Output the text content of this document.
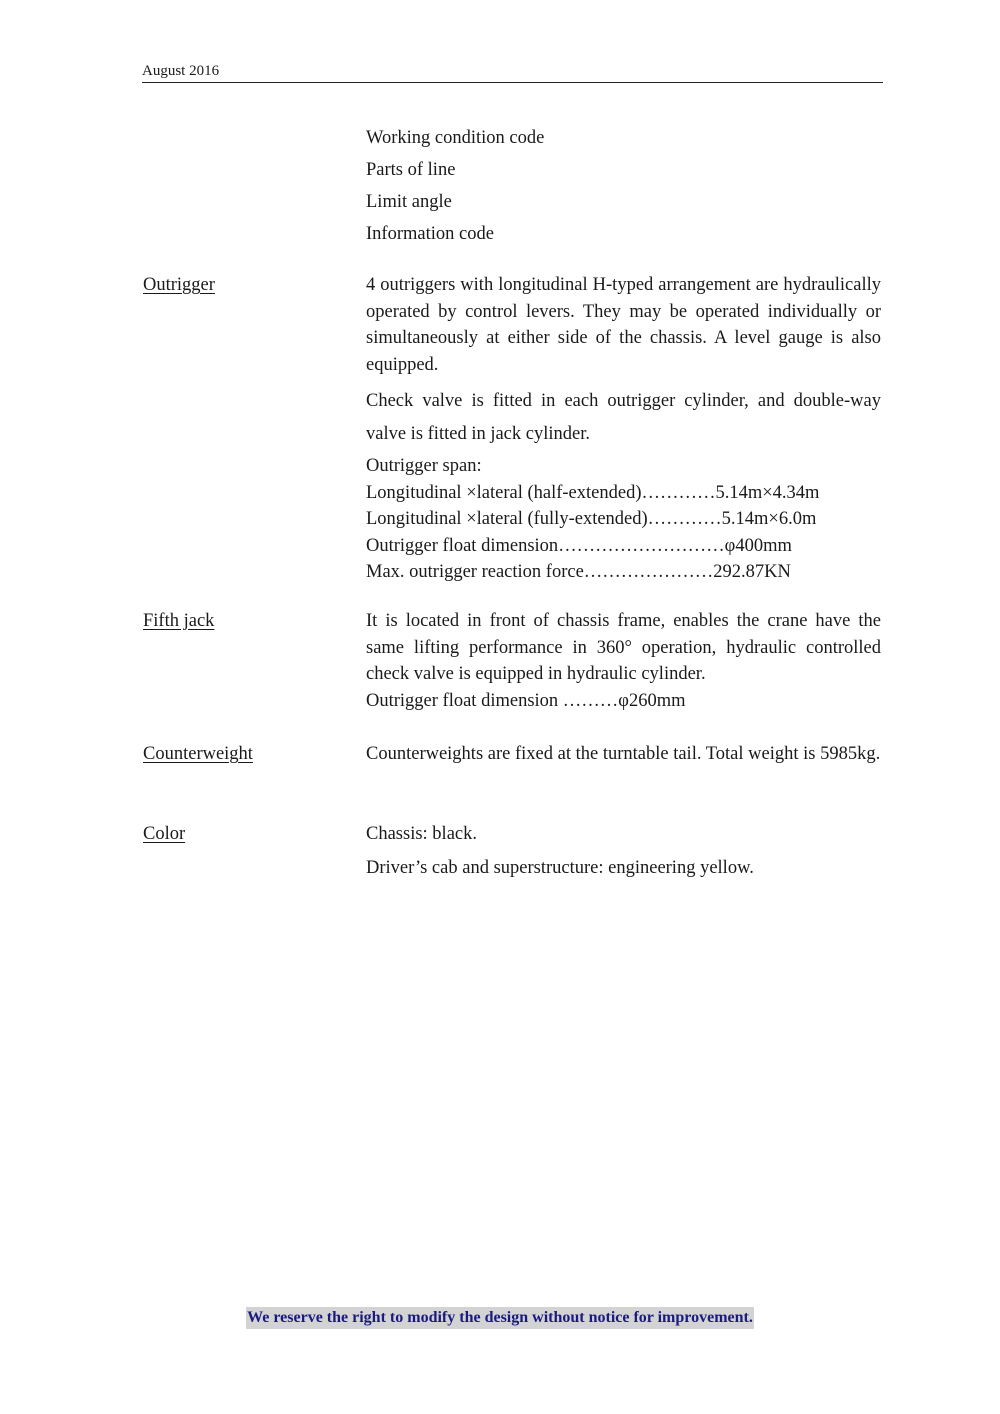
August 2016
Working condition code
Parts of line
Limit angle
Information code
Outrigger	4 outriggers with longitudinal H-typed arrangement are hydraulically operated by control levers. They may be operated individually or simultaneously at either side of the chassis. A level gauge is also equipped.
Check valve is fitted in each outrigger cylinder, and double-way valve is fitted in jack cylinder.
Outrigger span:
Longitudinal ×lateral (half-extended)…………5.14m×4.34m
Longitudinal ×lateral (fully-extended)…………5.14m×6.0m
Outrigger float dimension………………………φ400mm
Max. outrigger reaction force…………………292.87KN
Fifth jack	It is located in front of chassis frame, enables the crane have the same lifting performance in 360° operation, hydraulic controlled check valve is equipped in hydraulic cylinder.
Outrigger float dimension ………φ260mm
Counterweight	Counterweights are fixed at the turntable tail. Total weight is 5985kg.
Color	Chassis: black.
Driver’s cab and superstructure: engineering yellow.
We reserve the right to modify the design without notice for improvement.
